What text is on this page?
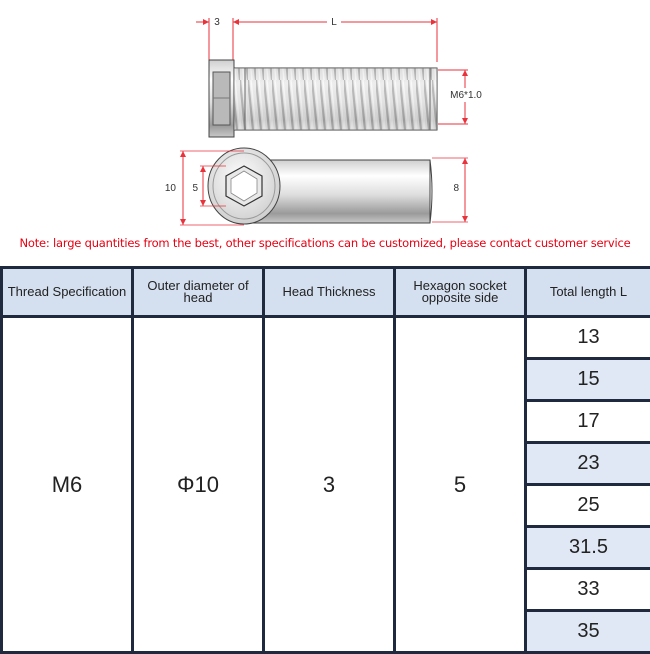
3	L
M6*1.0
10 5	8
Note: large quantities from the best, other specifications can be customized, please contact customer service
Thread Specification	Outer diameter of head	Head Thickness	Hexagon socket opposite side	Total length L
M6	Φ10	3	5	13
				15
				17
				23
				25
				31.5
				33
				35
